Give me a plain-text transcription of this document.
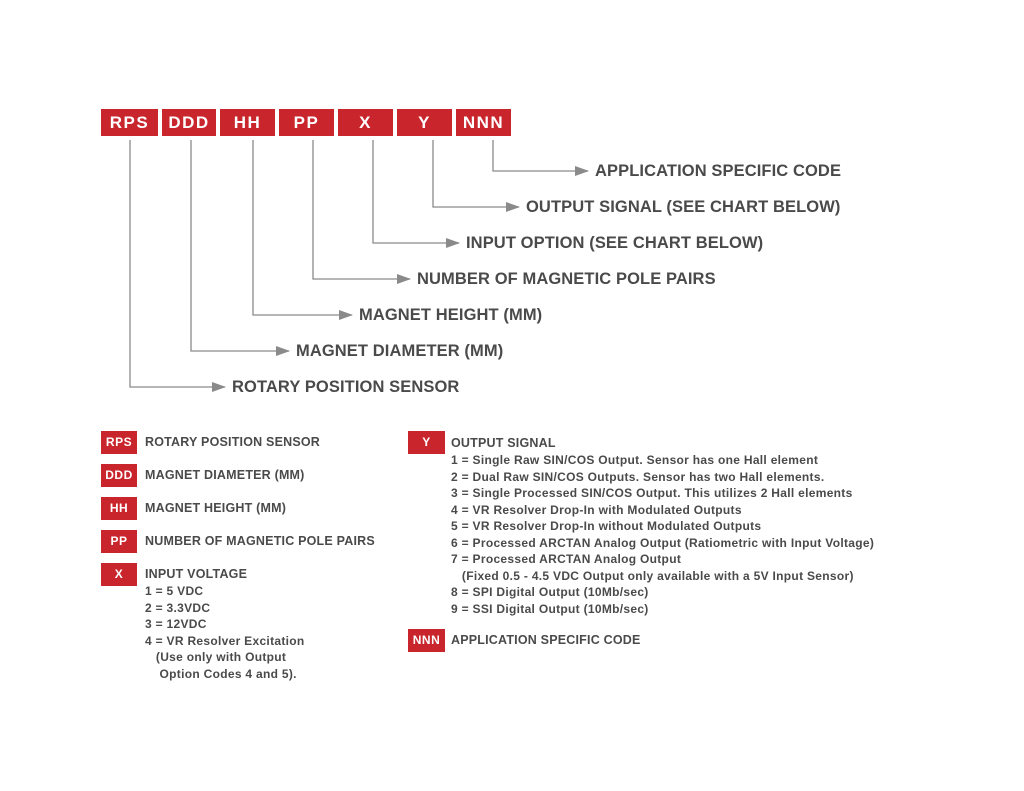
RPS	DDD	HH	PP	X	Y	NNN
APPLICATION SPECIFIC CODE
OUTPUT SIGNAL (SEE CHART BELOW)
INPUT OPTION (SEE CHART BELOW)
NUMBER OF MAGNETIC POLE PAIRS
MAGNET HEIGHT (MM)
MAGNET DIAMETER (MM)
ROTARY POSITION SENSOR
RPS	ROTARY POSITION SENSOR
DDD MAGNET DIAMETER (MM)
HH	MAGNET HEIGHT (MM)
PP	NUMBER OF MAGNETIC POLE PAIRS
X	INPUT VOLTAGE
1 = 5 VDC
2 = 3.3VDC
3 = 12VDC
4 = VR Resolver Excitation
(Use only with Output
Option Codes 4 and 5).
Y	OUTPUT SIGNAL
1 = Single Raw SIN/COS Output. Sensor has one Hall element
2 = Dual Raw SIN/COS Outputs. Sensor has two Hall elements.
3 = Single Processed SIN/COS Output. This utilizes 2 Hall elements
4 = VR Resolver Drop-In with Modulated Outputs
5 = VR Resolver Drop-In without Modulated Outputs
6 = Processed ARCTAN Analog Output (Ratiometric with Input Voltage)
7 = Processed ARCTAN Analog Output
(Fixed 0.5 - 4.5 VDC Output only available with a 5V Input Sensor)
8 = SPI Digital Output (10Mb/sec)
9 = SSI Digital Output (10Mb/sec)
NNN APPLICATION SPECIFIC CODE
